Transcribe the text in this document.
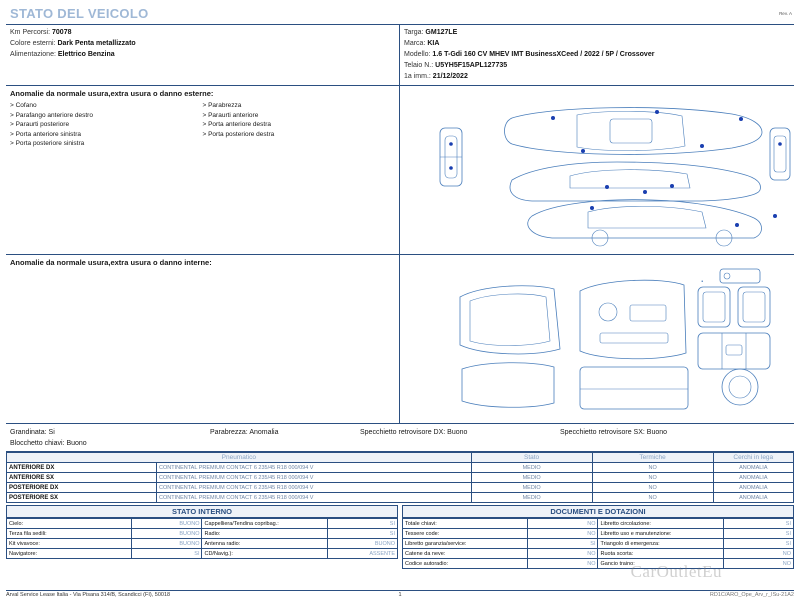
Rev. A
STATO DEL VEICOLO
Km Percorsi: 70078
Colore esterni: Dark Penta metallizzato
Alimentazione: Elettrico Benzina
Targa: GM127LE
Marca: KIA
Modello: 1.6 T-Gdi 160 CV MHEV IMT BusinessXCeed / 2022 / 5P / Crossover
Telaio N.: U5YH5F15APL127735
1a imm.: 21/12/2022
Anomalie da normale usura,extra usura o danno esterne:
> Cofano
> Parafango anteriore destro
> Paraurti posteriore
> Porta anteriore sinistra
> Porta posteriore sinistra
> Parabrezza
> Paraurti anteriore
> Porta anteriore destra
> Porta posteriore destra
Anomalie da normale usura,extra usura o danno interne:
Grandinata: Si	Parabrezza: Anomalia	Specchietto retrovisore DX: Buono	Specchietto retrovisore SX: Buono
Blocchetto chiavi: Buono
Pneumatico		Stato	Termiche	Cerchi in lega
ANTERIORE DX	CONTINENTAL PREMIUM CONTACT 6 235/45 R18 000/094 V	MEDIO	NO	ANOMALIA
ANTERIORE SX	CONTINENTAL PREMIUM CONTACT 6 235/45 R18 000/094 V	MEDIO	NO	ANOMALIA
POSTERIORE DX	CONTINENTAL PREMIUM CONTACT 6 235/45 R18 000/094 V	MEDIO	NO	ANOMALIA
POSTERIORE SX	CONTINENTAL PREMIUM CONTACT 6 235/45 R18 000/094 V	MEDIO	NO	ANOMALIA
STATO INTERNO
Cielo:	BUONO	Cappelliera/Tendina copribag.:	SI
Terza fila sedili:	BUONO	Radio:	SI
Kit vivavoce:	BUONO	Antenna radio:	BUONO
Navigatore:	SI	CD/Navig.):	ASSENTE
DOCUMENTI E DOTAZIONI
Totale chiavi:	NO	Libretto circolazione:	SI
Tessere code:	NO	Libretto uso e manutenzione:	SI
Libretto garanzia/service:	SI	Triangolo di emergenza:	SI
Catene da neve:	NO	Ruota scorta:	NO
Codice autoradio:	NO	Gancio traino:	NO
CarOutletEu
Arval Service Lease Italia - Via Pisana 314/B, Scandicci (FI), 50018	1	RD1C/ARO_Ope_Arv_r_ISu-21A2
